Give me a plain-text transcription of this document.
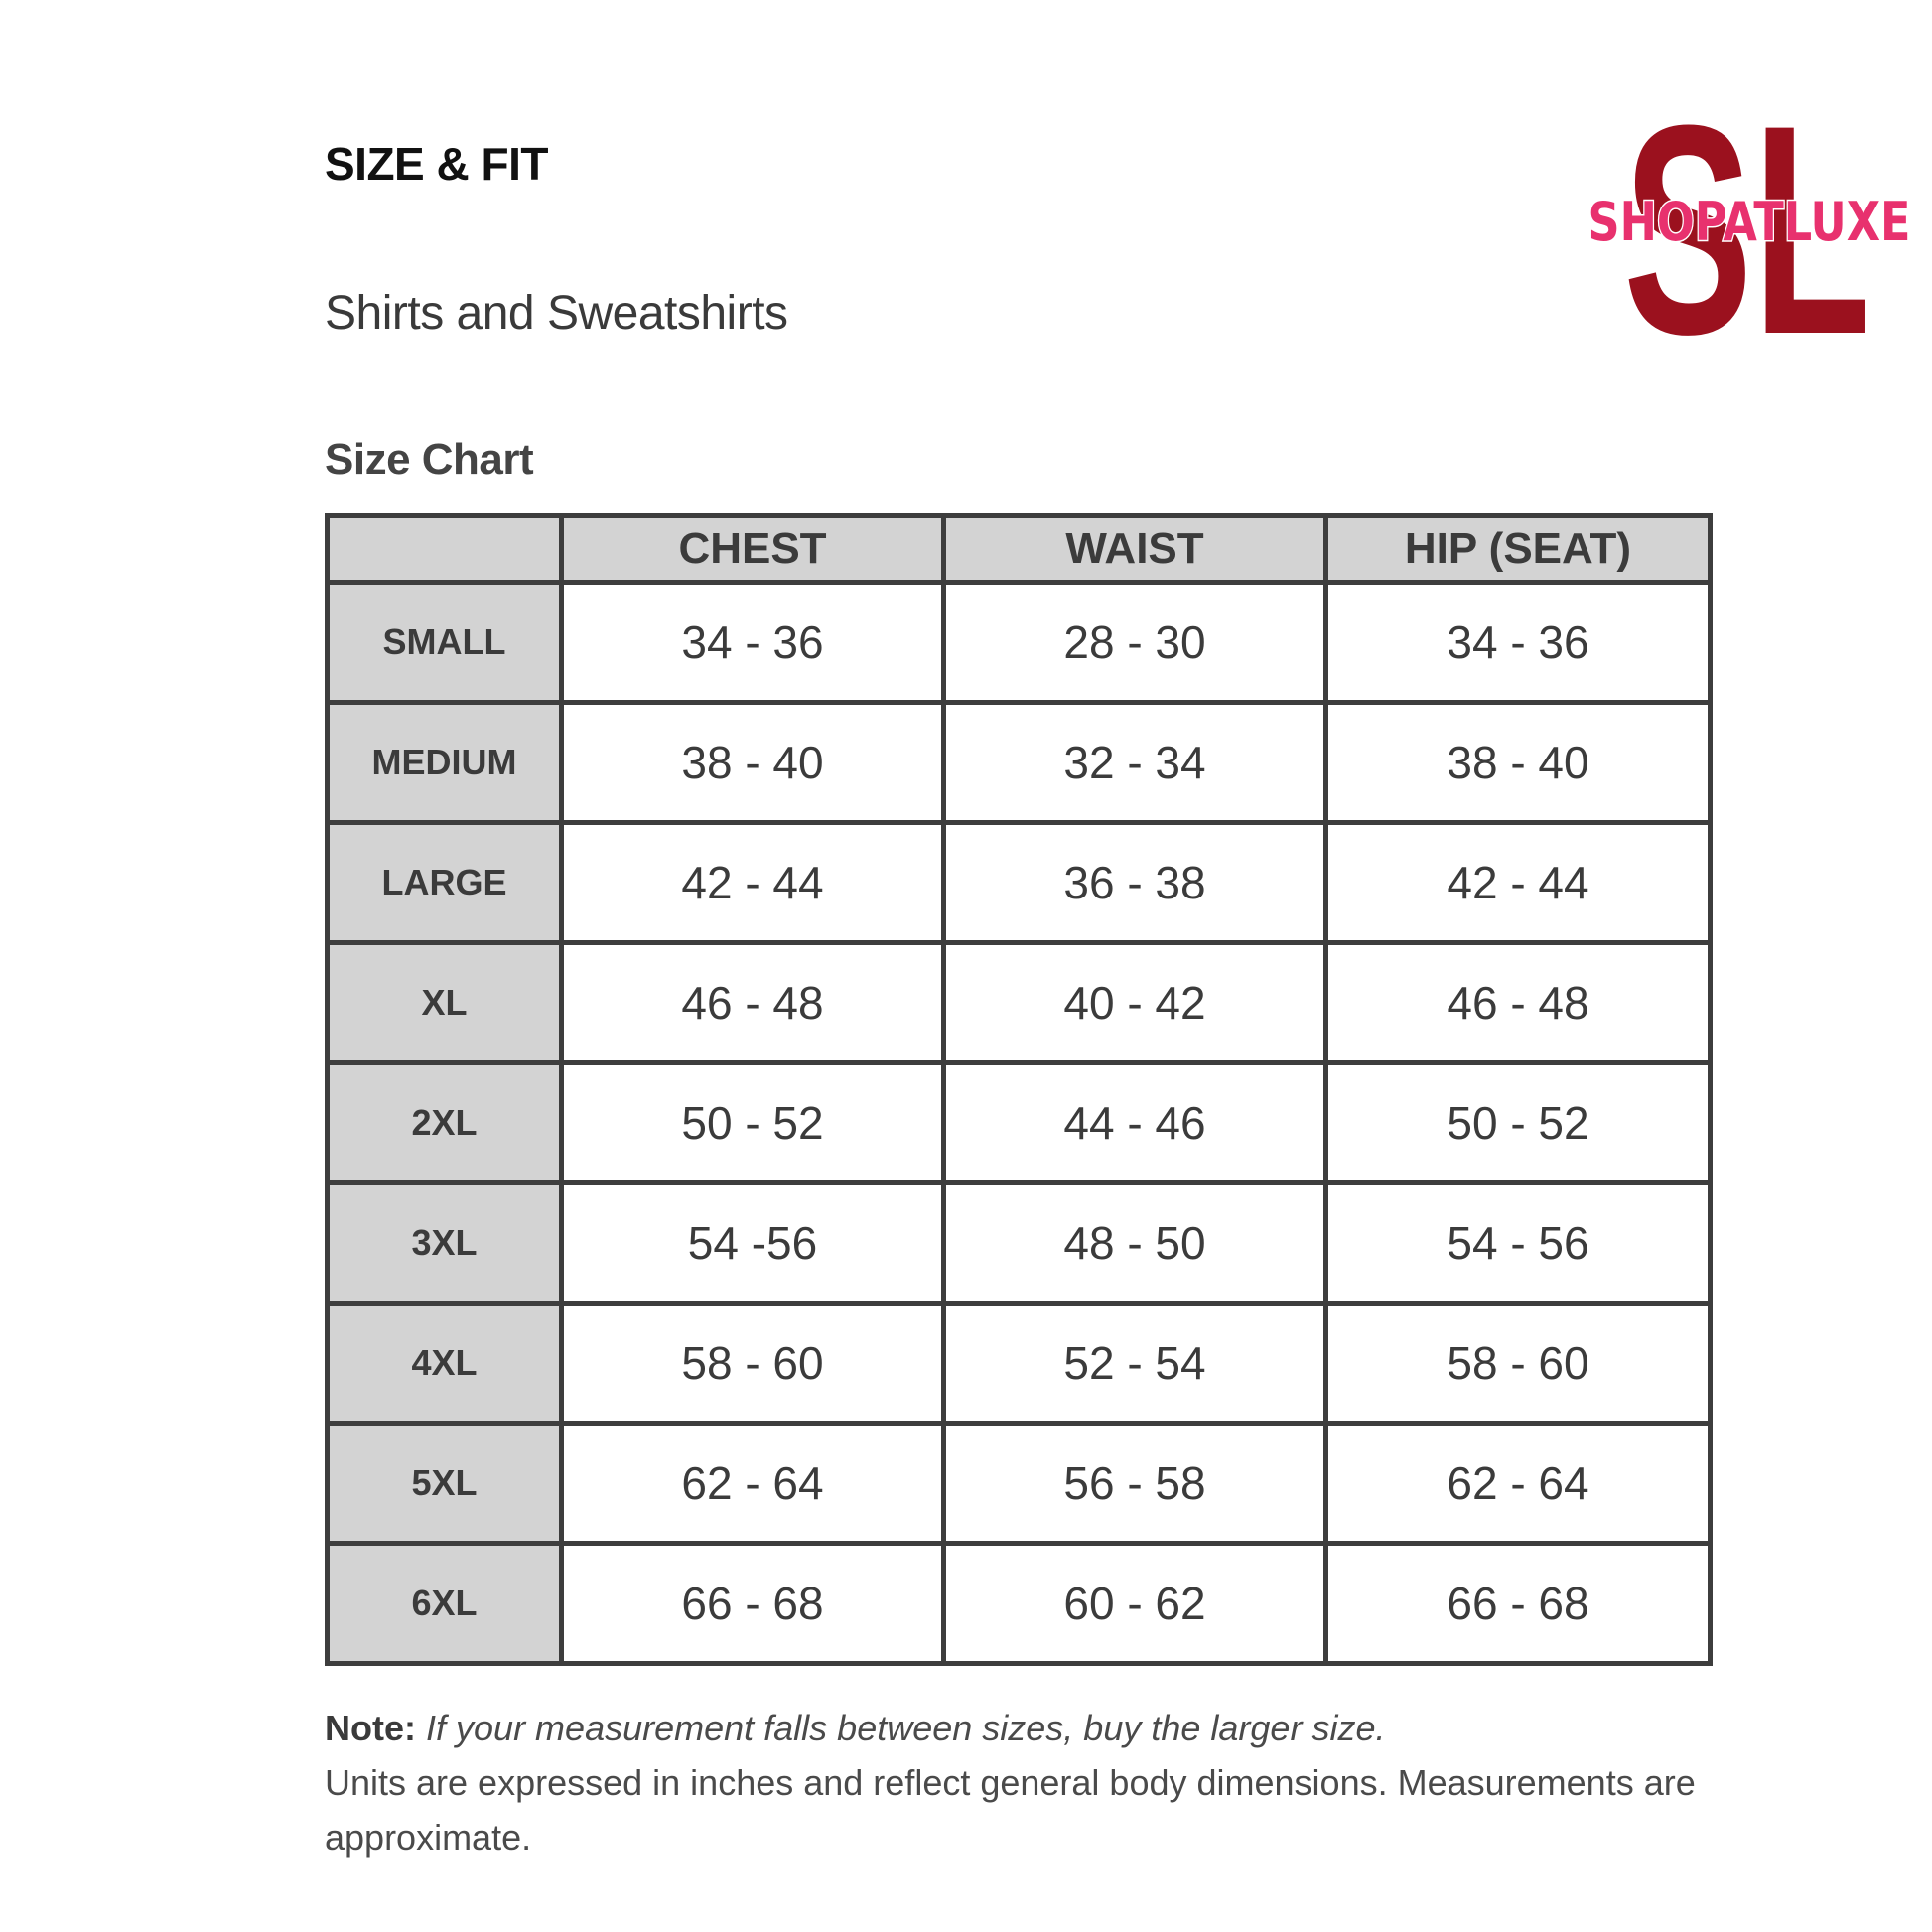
SIZE & FIT
Shirts and Sweatshirts
Size Chart
SL
SHOPATLUXE
	CHEST	WAIST	HIP (SEAT)
SMALL	34 - 36	28 - 30	34 - 36
MEDIUM	38 - 40	32 - 34	38 - 40
LARGE	42 - 44	36 - 38	42 - 44
XL	46 - 48	40 - 42	46 - 48
2XL	50 - 52	44 - 46	50 - 52
3XL	54 -56	48 - 50	54 - 56
4XL	58 - 60	52 - 54	58 - 60
5XL	62 - 64	56 - 58	62 - 64
6XL	66 - 68	60 - 62	66 - 68
Note: If your measurement falls between sizes, buy the larger size.
Units are expressed in inches and reflect general body dimensions. Measurements are approximate.
